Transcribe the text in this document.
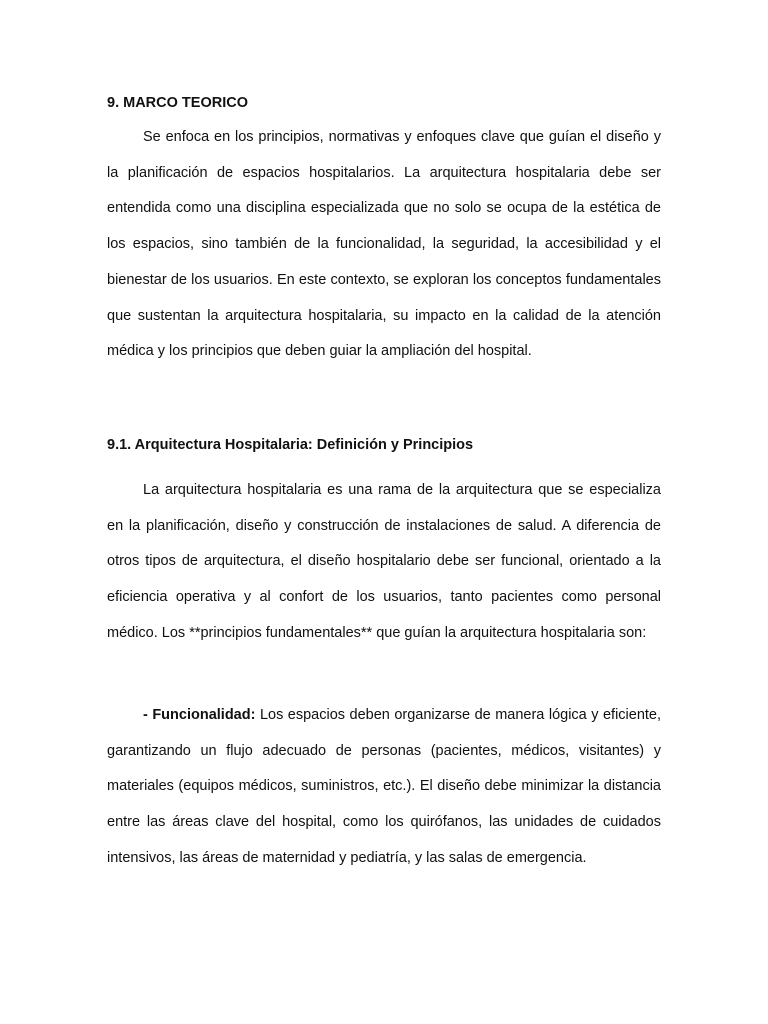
9. MARCO TEORICO

Se enfoca en los principios, normativas y enfoques clave que guían el diseño y la planificación de espacios hospitalarios. La arquitectura hospitalaria debe ser entendida como una disciplina especializada que no solo se ocupa de la estética de los espacios, sino también de la funcionalidad, la seguridad, la accesibilidad y el bienestar de los usuarios. En este contexto, se exploran los conceptos fundamentales que sustentan la arquitectura hospitalaria, su impacto en la calidad de la atención médica y los principios que deben guiar la ampliación del hospital.

9.1. Arquitectura Hospitalaria: Definición y Principios

La arquitectura hospitalaria es una rama de la arquitectura que se especializa en la planificación, diseño y construcción de instalaciones de salud. A diferencia de otros tipos de arquitectura, el diseño hospitalario debe ser funcional, orientado a la eficiencia operativa y al confort de los usuarios, tanto pacientes como personal médico. Los **principios fundamentales** que guían la arquitectura hospitalaria son:

- Funcionalidad: Los espacios deben organizarse de manera lógica y eficiente, garantizando un flujo adecuado de personas (pacientes, médicos, visitantes) y materiales (equipos médicos, suministros, etc.). El diseño debe minimizar la distancia entre las áreas clave del hospital, como los quirófanos, las unidades de cuidados intensivos, las áreas de maternidad y pediatría, y las salas de emergencia.
